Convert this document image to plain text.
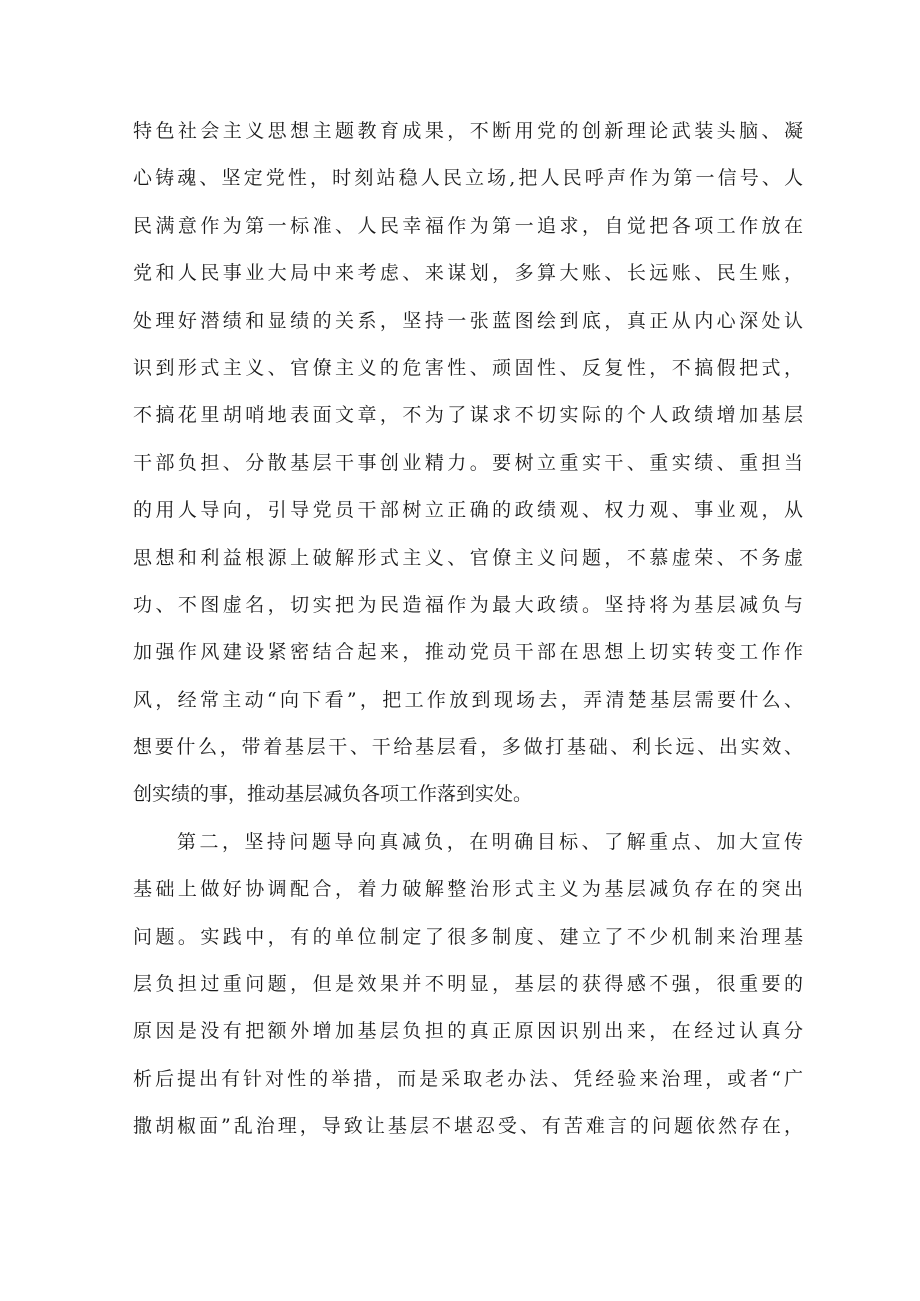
特色社会主义思想主题教育成果，不断用党的创新理论武装头脑、凝
心铸魂、坚定党性，时刻站稳人民立场,把人民呼声作为第一信号、人
民满意作为第一标准、人民幸福作为第一追求，自觉把各项工作放在
党和人民事业大局中来考虑、来谋划，多算大账、长远账、民生账，
处理好潜绩和显绩的关系，坚持一张蓝图绘到底，真正从内心深处认
识到形式主义、官僚主义的危害性、顽固性、反复性，不搞假把式，
不搞花里胡哨地表面文章，不为了谋求不切实际的个人政绩增加基层
干部负担、分散基层干事创业精力。要树立重实干、重实绩、重担当
的用人导向，引导党员干部树立正确的政绩观、权力观、事业观，从
思想和利益根源上破解形式主义、官僚主义问题，不慕虚荣、不务虚
功、不图虚名，切实把为民造福作为最大政绩。坚持将为基层减负与
加强作风建设紧密结合起来，推动党员干部在思想上切实转变工作作
风，经常主动“向下看”，把工作放到现场去，弄清楚基层需要什么、
想要什么，带着基层干、干给基层看，多做打基础、利长远、出实效、
创实绩的事，推动基层减负各项工作落到实处。
第二，坚持问题导向真减负，在明确目标、了解重点、加大宣传
基础上做好协调配合，着力破解整治形式主义为基层减负存在的突出
问题。实践中，有的单位制定了很多制度、建立了不少机制来治理基
层负担过重问题，但是效果并不明显，基层的获得感不强，很重要的
原因是没有把额外增加基层负担的真正原因识别出来，在经过认真分
析后提出有针对性的举措，而是采取老办法、凭经验来治理，或者“广
撒胡椒面”乱治理，导致让基层不堪忍受、有苦难言的问题依然存在，
